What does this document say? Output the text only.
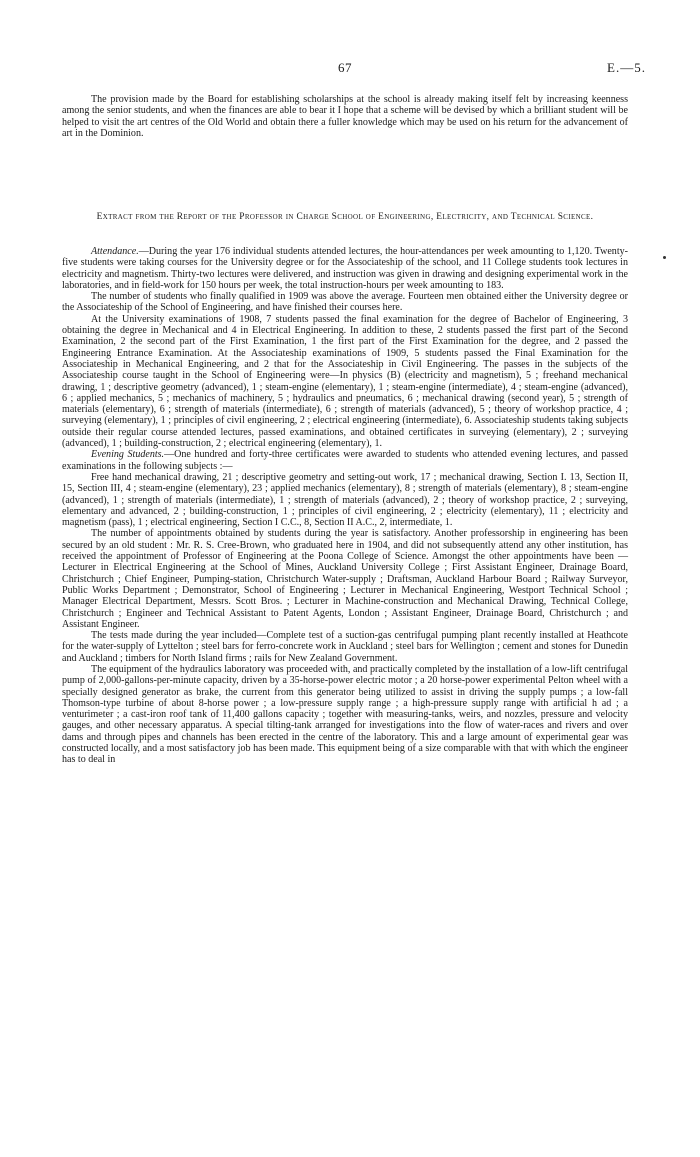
67	E.—5.

The provision made by the Board for establishing scholarships at the school is already making itself felt by increasing keenness among the senior students, and when the finances are able to bear it I hope that a scheme will be devised by which a brilliant student will be helped to visit the art centres of the Old World and obtain there a fuller knowledge which may be used on his return for the advancement of art in the Dominion.

Extract from the Report of the Professor in Charge School of Engineering, Electricity, and Technical Science.

Attendance.—During the year 176 individual students attended lectures, the hour-attendances per week amounting to 1,120. Twenty-five students were taking courses for the University degree or for the Associateship of the school, and 11 College students took lectures in electricity and magnetism. Thirty-two lectures were delivered, and instruction was given in drawing and designing experimental work in the laboratories, and in field-work for 150 hours per week, the total instruction-hours per week amounting to 183.

The number of students who finally qualified in 1909 was above the average. Fourteen men obtained either the University degree or the Associateship of the School of Engineering, and have finished their courses here.

At the University examinations of 1908, 7 students passed the final examination for the degree of Bachelor of Engineering, 3 obtaining the degree in Mechanical and 4 in Electrical Engineering. In addition to these, 2 students passed the first part of the Second Examination, 2 the second part of the First Examination, 1 the first part of the First Examination for the degree, and 2 passed the Engineering Entrance Examination. At the Associateship examinations of 1909, 5 students passed the Final Examination for the Associateship in Mechanical Engineering, and 2 that for the Associateship in Civil Engineering. The passes in the subjects of the Associateship course taught in the School of Engineering were—In physics (B) (electricity and magnetism), 5 ; freehand mechanical drawing, 1 ; descriptive geometry (advanced), 1 ; steam-engine (elementary), 1 ; steam-engine (intermediate), 4 ; steam-engine (advanced), 6 ; applied mechanics, 5 ; mechanics of machinery, 5 ; hydraulics and pneumatics, 6 ; mechanical drawing (second year), 5 ; strength of materials (elementary), 6 ; strength of materials (intermediate), 6 ; strength of materials (advanced), 5 ; theory of workshop practice, 4 ; surveying (elementary), 1 ; principles of civil engineering, 2 ; electrical engineering (intermediate), 6. Associateship students taking subjects outside their regular course attended lectures, passed examinations, and obtained certificates in surveying (elementary), 2 ; surveying (advanced), 1 ; building-construction, 2 ; electrical engineering (elementary), 1.

Evening Students.—One hundred and forty-three certificates were awarded to students who attended evening lectures, and passed examinations in the following subjects :—

Free hand mechanical drawing, 21 ; descriptive geometry and setting-out work, 17 ; mechanical drawing, Section I. 13, Section II, 15, Section III, 4 ; steam-engine (elementary), 23 ; applied mechanics (elementary), 8 ; strength of materials (elementary), 8 ; steam-engine (advanced), 1 ; strength of materials (intermediate), 1 ; strength of materials (advanced), 2 ; theory of workshop practice, 2 ; surveying, elementary and advanced, 2 ; building-construction, 1 ; principles of civil engineering, 2 ; electricity (elementary), 11 ; electricity and magnetism (pass), 1 ; electrical engineering, Section I C.C., 8, Section II A.C., 2, intermediate, 1.

The number of appointments obtained by students during the year is satisfactory. Another professorship in engineering has been secured by an old student : Mr. R. S. Cree-Brown, who graduated here in 1904, and did not subsequently attend any other institution, has received the appointment of Professor of Engineering at the Poona College of Science. Amongst the other appointments have been —Lecturer in Electrical Engineering at the School of Mines, Auckland University College ; First Assistant Engineer, Drainage Board, Christchurch ; Chief Engineer, Pumping-station, Christchurch Water-supply ; Draftsman, Auckland Harbour Board ; Railway Surveyor, Public Works Department ; Demonstrator, School of Engineering ; Lecturer in Mechanical Engineering, Westport Technical School ; Manager Electrical Department, Messrs. Scott Bros. ; Lecturer in Machine-construction and Mechanical Drawing, Technical College, Christchurch ; Engineer and Technical Assistant to Patent Agents, London ; Assistant Engineer, Drainage Board, Christchurch ; and Assistant Engineer.

The tests made during the year included—Complete test of a suction-gas centrifugal pumping plant recently installed at Heathcote for the water-supply of Lyttelton ; steel bars for ferro-concrete work in Auckland ; steel bars for Wellington ; cement and stones for Dunedin and Auckland ; timbers for North Island firms ; rails for New Zealand Government.

The equipment of the hydraulics laboratory was proceeded with, and practically completed by the installation of a low-lift centrifugal pump of 2,000-gallons-per-minute capacity, driven by a 35-horse-power electric motor ; a 20 horse-power experimental Pelton wheel with a specially designed generator as brake, the current from this generator being utilized to assist in driving the supply pumps ; a low-fall Thomson-type turbine of about 8-horse power ; a low-pressure supply range ; a high-pressure supply range with artificial h ad ; a venturimeter ; a cast-iron roof tank of 11,400 gallons capacity ; together with measuring-tanks, weirs, and nozzles, pressure and velocity gauges, and other necessary apparatus. A special tilting-tank arranged for investigations into the flow of water-races and rivers and over dams and through pipes and channels has been erected in the centre of the laboratory. This and a large amount of experimental gear was constructed locally, and a most satisfactory job has been made. This equipment being of a size comparable with that with which the engineer has to deal in
